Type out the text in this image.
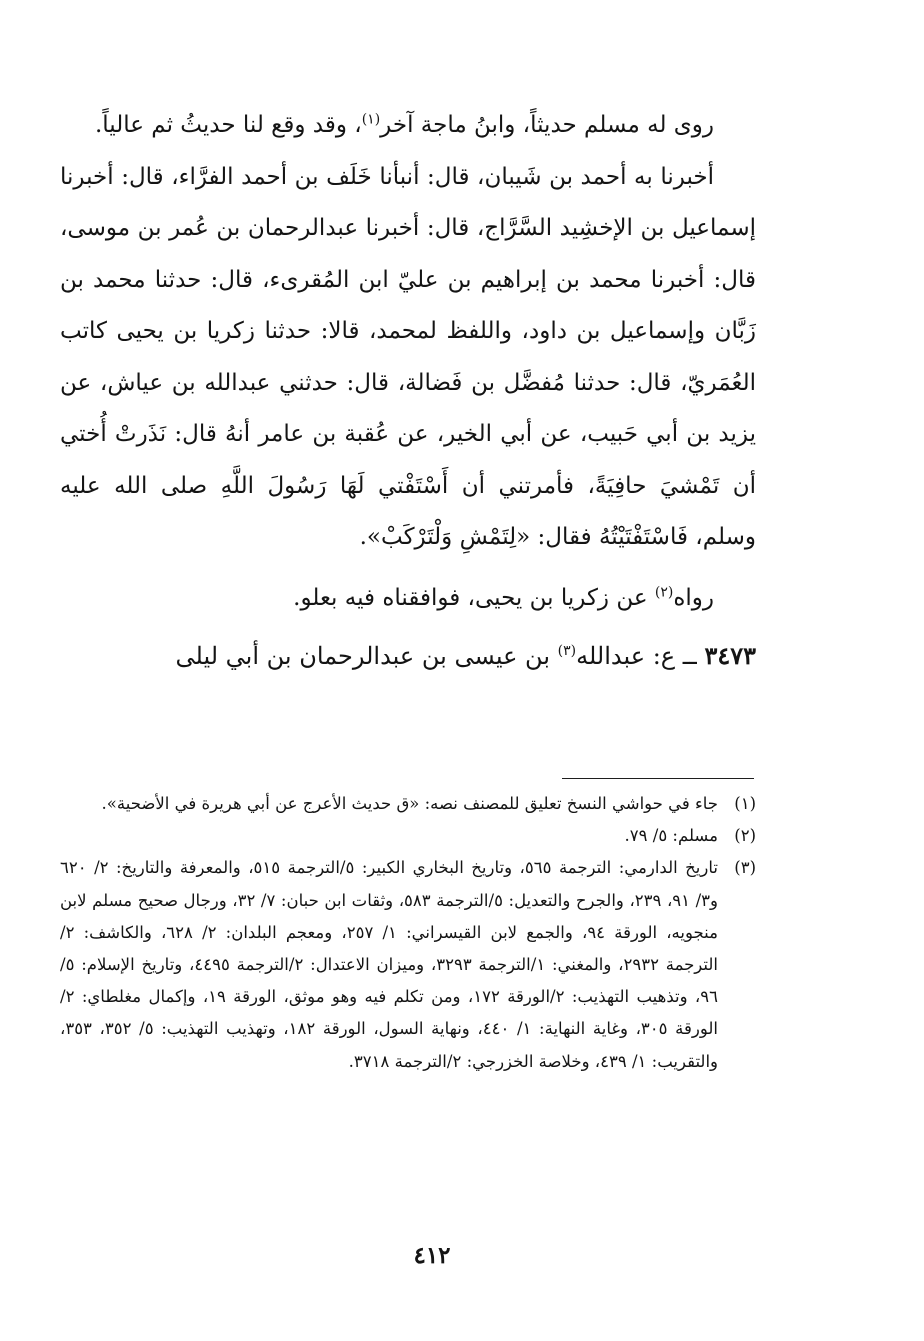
روى له مسلم حديثاً، وابنُ ماجة آخر$^{(١)}$، وقد وقع لنا حديثُ ثم عالياً.

أخبرنا به أحمد بن شَيبان، قال: أنبأنا خَلَف بن أحمد الفرَّاء، قال: أخبرنا إسماعيل بن الإخشِيد السَّرَّاج، قال: أخبرنا عبدالرحمان بن عُمر بن موسى، قال: أخبرنا محمد بن إبراهيم بن عليّ ابن المُقرىء، قال: حدثنا محمد بن زَبَّان وإسماعيل بن داود، واللفظ لمحمد، قالا: حدثنا زكريا بن يحيى كاتب العُمَريّ، قال: حدثنا مُفضَّل بن فَضالة، قال: حدثني عبدالله بن عياش، عن يزيد بن أبي حَبيب، عن أبي الخير، عن عُقبة بن عامر أنهُ قال: نَذَرتْ أُختي أن تَمْشيَ حافِيَةً، فأمرتني أن أَسْتَفْتي لَهَا رَسُولَ اللَّهِ صلى الله عليه وسلم، فَاسْتَفْتَيْتُهُ فقال: «لِتَمْشِ وَلْتَرْكَبْ».

رواه$^{(٢)}$ عن زكريا بن يحيى، فوافقناه فيه بعلو.

٣٤٧٣ ــ ع: عبدالله$^{(٣)}$ بن عيسى بن عبدالرحمان بن أبي ليلى

(١)
جاء في حواشي النسخ تعليق للمصنف نصه: «ق حديث الأعرج عن أبي هريرة في الأضحية».
(٢)
مسلم: ٥/ ٧٩.
(٣)
تاريخ الدارمي: الترجمة ٥٦٥، وتاريخ البخاري الكبير: ٥/الترجمة ٥١٥، والمعرفة والتاريخ: ٢/ ٦٢٠ و٣/ ٩١، ٢٣٩، والجرح والتعديل: ٥/الترجمة ٥٨٣، وثقات ابن حبان: ٧/ ٣٢، ورجال صحيح مسلم لابن منجويه، الورقة ٩٤، والجمع لابن القيسراني: ١/ ٢٥٧، ومعجم البلدان: ٢/ ٦٢٨، والكاشف: ٢/الترجمة ٢٩٣٢، والمغني: ١/الترجمة ٣٢٩٣، وميزان الاعتدال: ٢/الترجمة ٤٤٩٥، وتاريخ الإسلام: ٥/ ٩٦، وتذهيب التهذيب: ٢/الورقة ١٧٢، ومن تكلم فيه وهو موثق، الورقة ١٩، وإكمال مغلطاي: ٢/الورقة ٣٠٥، وغاية النهاية: ١/ ٤٤٠، ونهاية السول، الورقة ١٨٢، وتهذيب التهذيب: ٥/ ٣٥٢، ٣٥٣، والتقريب: ١/ ٤٣٩، وخلاصة الخزرجي: ٢/الترجمة ٣٧١٨.
٤١٢
